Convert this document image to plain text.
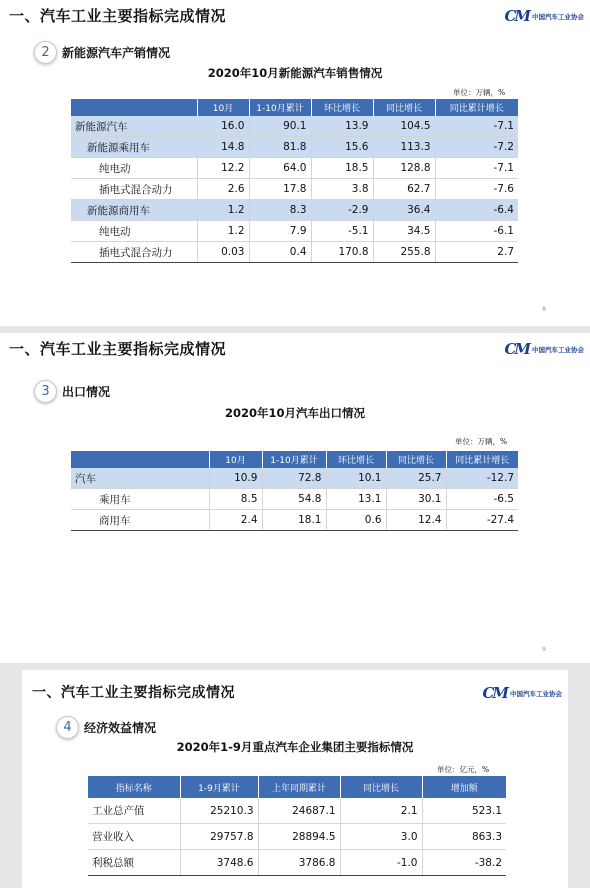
一、汽车工业主要指标完成情况	CM 中国汽车工业协会
2	新能源汽车产销情况
2020年10月新能源汽车销售情况
单位：万辆，%
	10月	1-10月累计	环比增长	同比增长	同比累计增长
新能源汽车	16.0	90.1	13.9	104.5	-7.1
新能源乘用车	14.8	81.8	15.6	113.3	-7.2
纯电动	12.2	64.0	18.5	128.8	-7.1
插电式混合动力	2.6	17.8	3.8	62.7	-7.6
新能源商用车	1.2	8.3	-2.9	36.4	-6.4
纯电动	1.2	7.9	-5.1	34.5	-6.1
插电式混合动力	0.03	0.4	170.8	255.8	2.7
8
一、汽车工业主要指标完成情况	CM 中国汽车工业协会
3	出口情况
2020年10月汽车出口情况
单位：万辆，%
	10月	1-10月累计	环比增长	同比增长	同比累计增长
汽车	10.9	72.8	10.1	25.7	-12.7
乘用车	8.5	54.8	13.1	30.1	-6.5
商用车	2.4	18.1	0.6	12.4	-27.4
9
一、汽车工业主要指标完成情况	CM 中国汽车工业协会
4	经济效益情况
2020年1-9月重点汽车企业集团主要指标情况
单位：亿元，%
指标名称	1-9月累计	上年同期累计	同比增长	增加额
工业总产值	25210.3	24687.1	2.1	523.1
营业收入	29757.8	28894.5	3.0	863.3
利税总额	3748.6	3786.8	-1.0	-38.2
